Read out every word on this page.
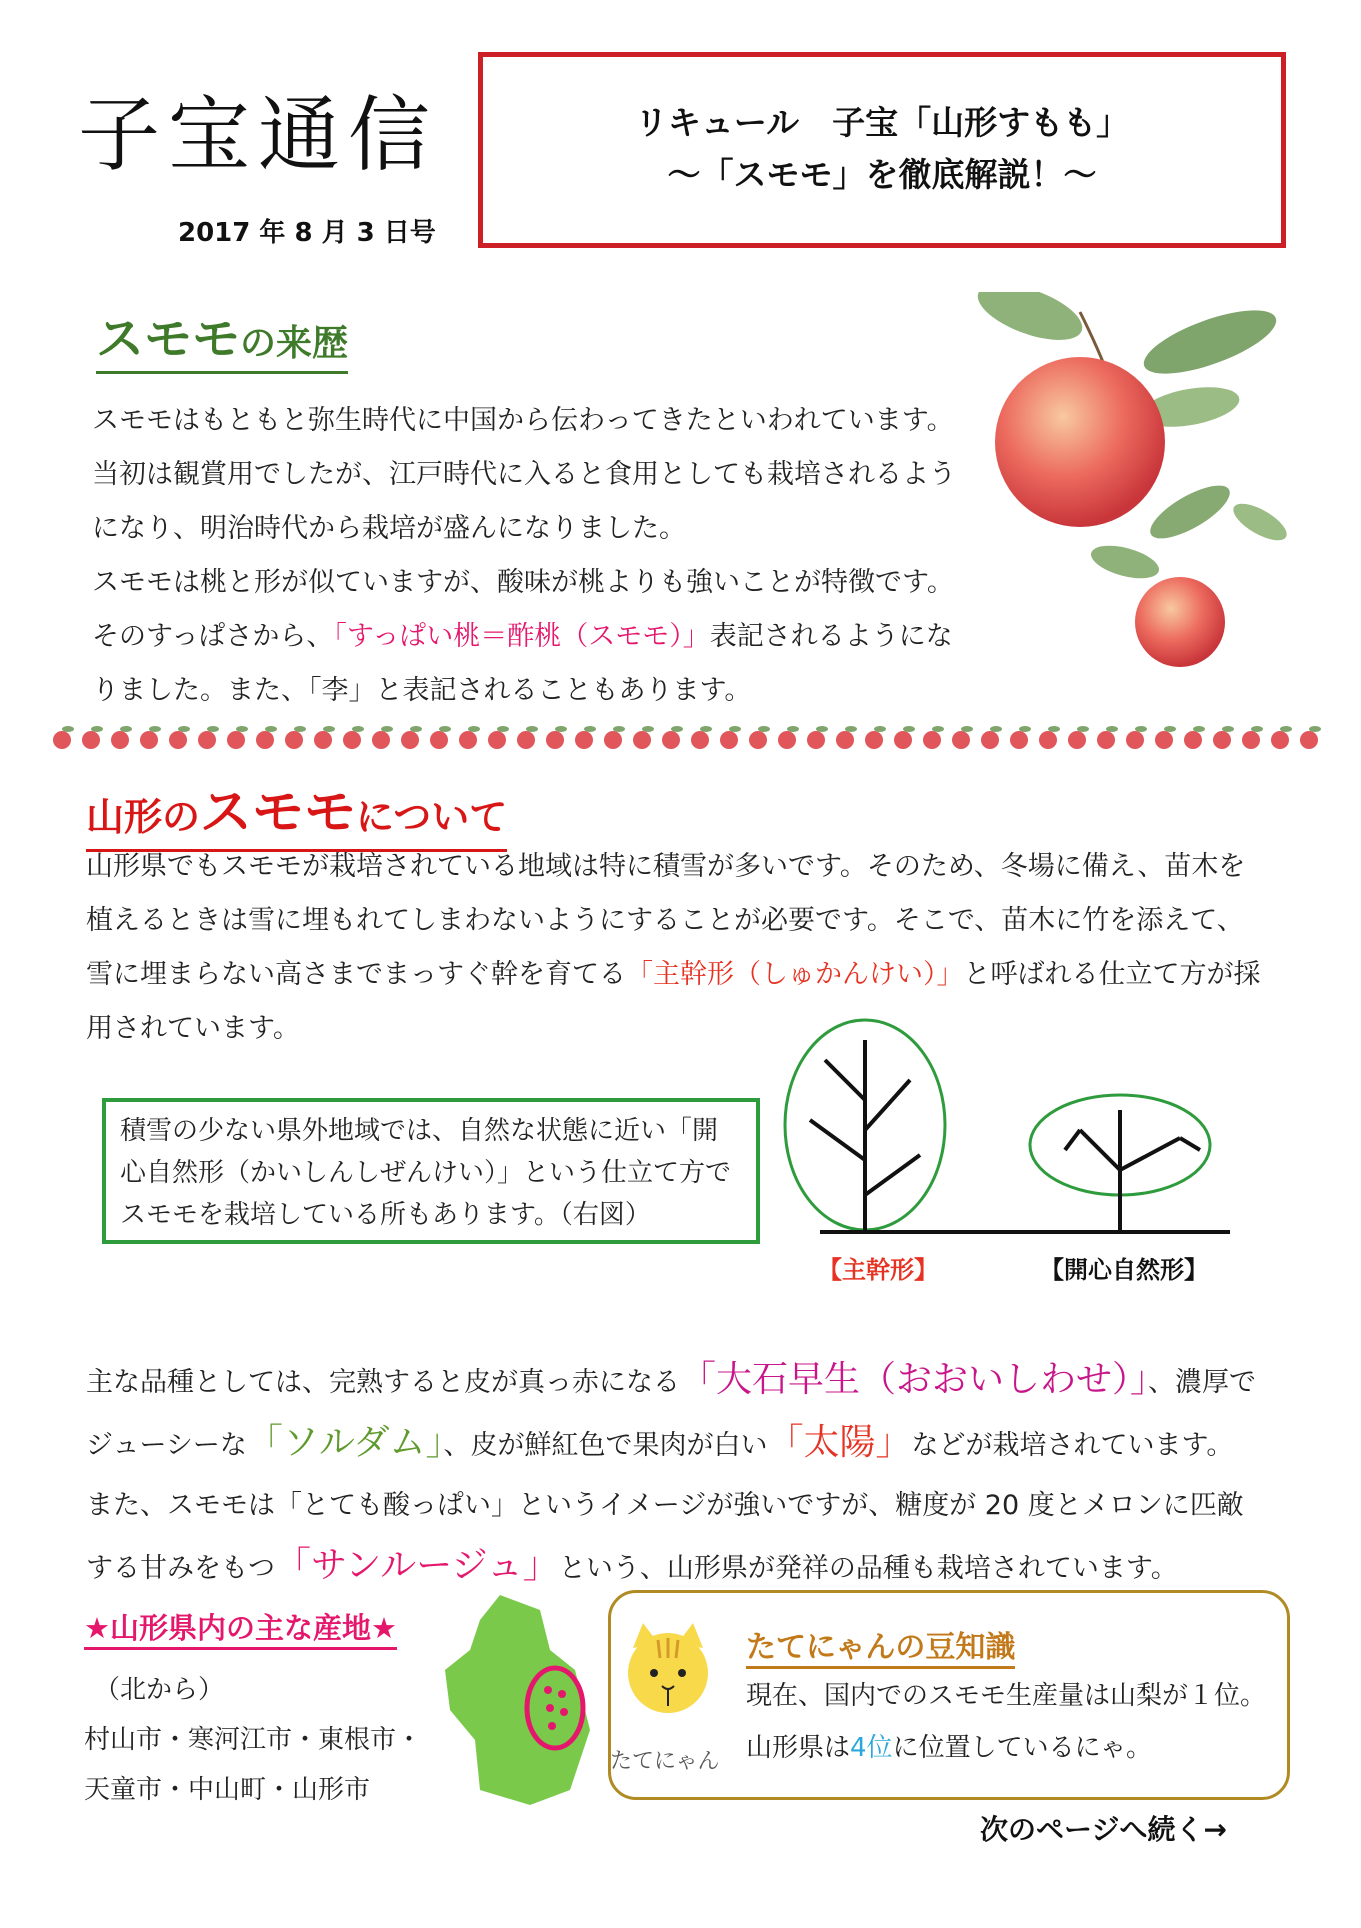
子宝通信
2017 年 8 月 3 日号
リキュール　子宝「山形すもも」
～「スモモ」を徹底解説！～
スモモの来歴
スモモはもともと弥生時代に中国から伝わってきたといわれています。
当初は観賞用でしたが、江戸時代に入ると食用としても栽培されるよう
になり、明治時代から栽培が盛んになりました。
スモモは桃と形が似ていますが、酸味が桃よりも強いことが特徴です。
そのすっぱさから、「すっぱい桃＝酢桃（スモモ）」表記されるようにな
りました。また、「李」と表記されることもあります。
山形のスモモについて
山形県でもスモモが栽培されている地域は特に積雪が多いです。そのため、冬場に備え、苗木を
植えるときは雪に埋もれてしまわないようにすることが必要です。そこで、苗木に竹を添えて、
雪に埋まらない高さまでまっすぐ幹を育てる「主幹形（しゅかんけい）」と呼ばれる仕立て方が採
用されています。
積雪の少ない県外地域では、自然な状態に近い「開
心自然形（かいしんしぜんけい）」という仕立て方で
スモモを栽培している所もあります。（右図）
【主幹形】	【開心自然形】
主な品種としては、完熟すると皮が真っ赤になる「大石早生（おおいしわせ）」、濃厚で
ジューシーな「ソルダム」、皮が鮮紅色で果肉が白い「太陽」などが栽培されています。
また、スモモは「とても酸っぱい」というイメージが強いですが、糖度が 20 度とメロンに匹敵
する甘みをもつ「サンルージュ」という、山形県が発祥の品種も栽培されています。
★山形県内の主な産地★
（北から）
村山市・寒河江市・東根市・
天童市・中山町・山形市
たてにゃん
たてにゃんの豆知識
現在、国内でのスモモ生産量は山梨が１位。
山形県は4位に位置しているにゃ。
次のページへ続く→
